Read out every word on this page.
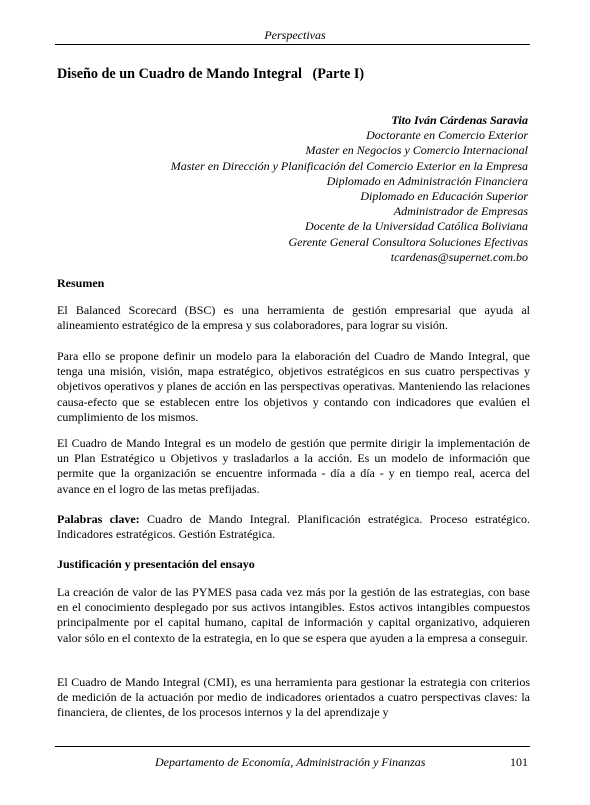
Perspectivas
Diseño de un Cuadro de Mando Integral   (Parte I)
Tito Iván Cárdenas Saravia
Doctorante en Comercio Exterior
Master en Negocios y Comercio Internacional
Master en Dirección y Planificación del Comercio Exterior en la Empresa
Diplomado en Administración Financiera
Diplomado en Educación Superior
Administrador de Empresas
Docente de la Universidad Católica Boliviana
Gerente General Consultora Soluciones Efectivas
tcardenas@supernet.com.bo
Resumen

El Balanced Scorecard (BSC) es una herramienta de gestión empresarial que ayuda al alineamiento estratégico de la empresa y sus colaboradores, para lograr su visión.

Para ello se propone definir un modelo para la elaboración del Cuadro de Mando Integral, que tenga una misión, visión, mapa estratégico, objetivos estratégicos en sus cuatro perspectivas y objetivos operativos y planes de acción en las perspectivas operativas. Manteniendo las relaciones causa-efecto que se establecen entre los objetivos y contando con indicadores que evalúen el cumplimiento de los mismos.

El Cuadro de Mando Integral es un modelo de gestión que permite dirigir la implementación de un Plan Estratégico u Objetivos y trasladarlos a la acción. Es un modelo de información que permite que la organización se encuentre informada - día a día - y en tiempo real, acerca del avance en el logro de las metas prefijadas.

Palabras clave: Cuadro de Mando Integral. Planificación estratégica. Proceso estratégico. Indicadores estratégicos. Gestión Estratégica.

Justificación y presentación del ensayo

La creación de valor de las PYMES pasa cada vez más por la gestión de las estrategias, con base en el conocimiento desplegado por sus activos intangibles. Estos activos intangibles compuestos principalmente por el capital humano, capital de información y capital organizativo, adquieren valor sólo en el contexto de la estrategia, en lo que se espera que ayuden a la empresa a conseguir.

El Cuadro de Mando Integral (CMI), es una herramienta para gestionar la estrategia con criterios de medición de la actuación por medio de indicadores orientados a cuatro perspectivas claves: la financiera, de clientes, de los procesos internos y la del aprendizaje y

Departamento de Economía, Administración y Finanzas	101
